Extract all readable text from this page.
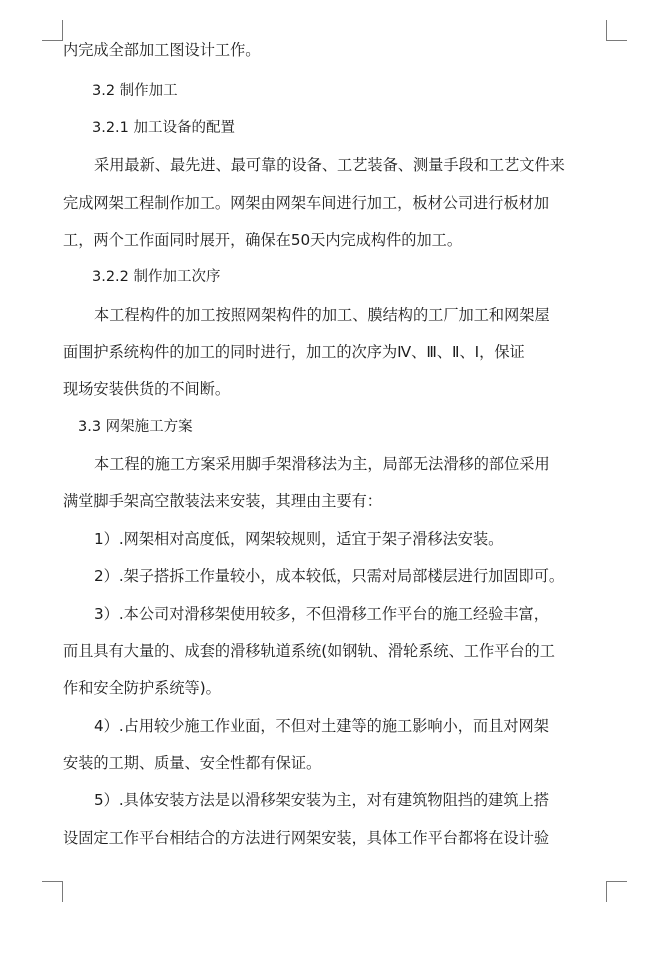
内完成全部加工图设计工作。
3.2 制作加工
3.2.1 加工设备的配置
采用最新、最先进、最可靠的设备、工艺装备、测量手段和工艺文件来
完成网架工程制作加工。网架由网架车间进行加工，板材公司进行板材加
工，两个工作面同时展开，确保在50天内完成构件的加工。
3.2.2 制作加工次序
本工程构件的加工按照网架构件的加工、膜结构的工厂加工和网架屋
面围护系统构件的加工的同时进行，加工的次序为Ⅳ、Ⅲ、Ⅱ、Ⅰ，保证
现场安装供货的不间断。
3.3 网架施工方案
本工程的施工方案采用脚手架滑移法为主，局部无法滑移的部位采用
满堂脚手架高空散装法来安装，其理由主要有：
1）.网架相对高度低，网架较规则，适宜于架子滑移法安装。
2）.架子搭拆工作量较小，成本较低，只需对局部楼层进行加固即可。
3）.本公司对滑移架使用较多，不但滑移工作平台的施工经验丰富，
而且具有大量的、成套的滑移轨道系统(如钢轨、滑轮系统、工作平台的工
作和安全防护系统等)。
4）.占用较少施工作业面，不但对土建等的施工影响小，而且对网架
安装的工期、质量、安全性都有保证。
5）.具体安装方法是以滑移架安装为主，对有建筑物阻挡的建筑上搭
设固定工作平台相结合的方法进行网架安装，具体工作平台都将在设计验
